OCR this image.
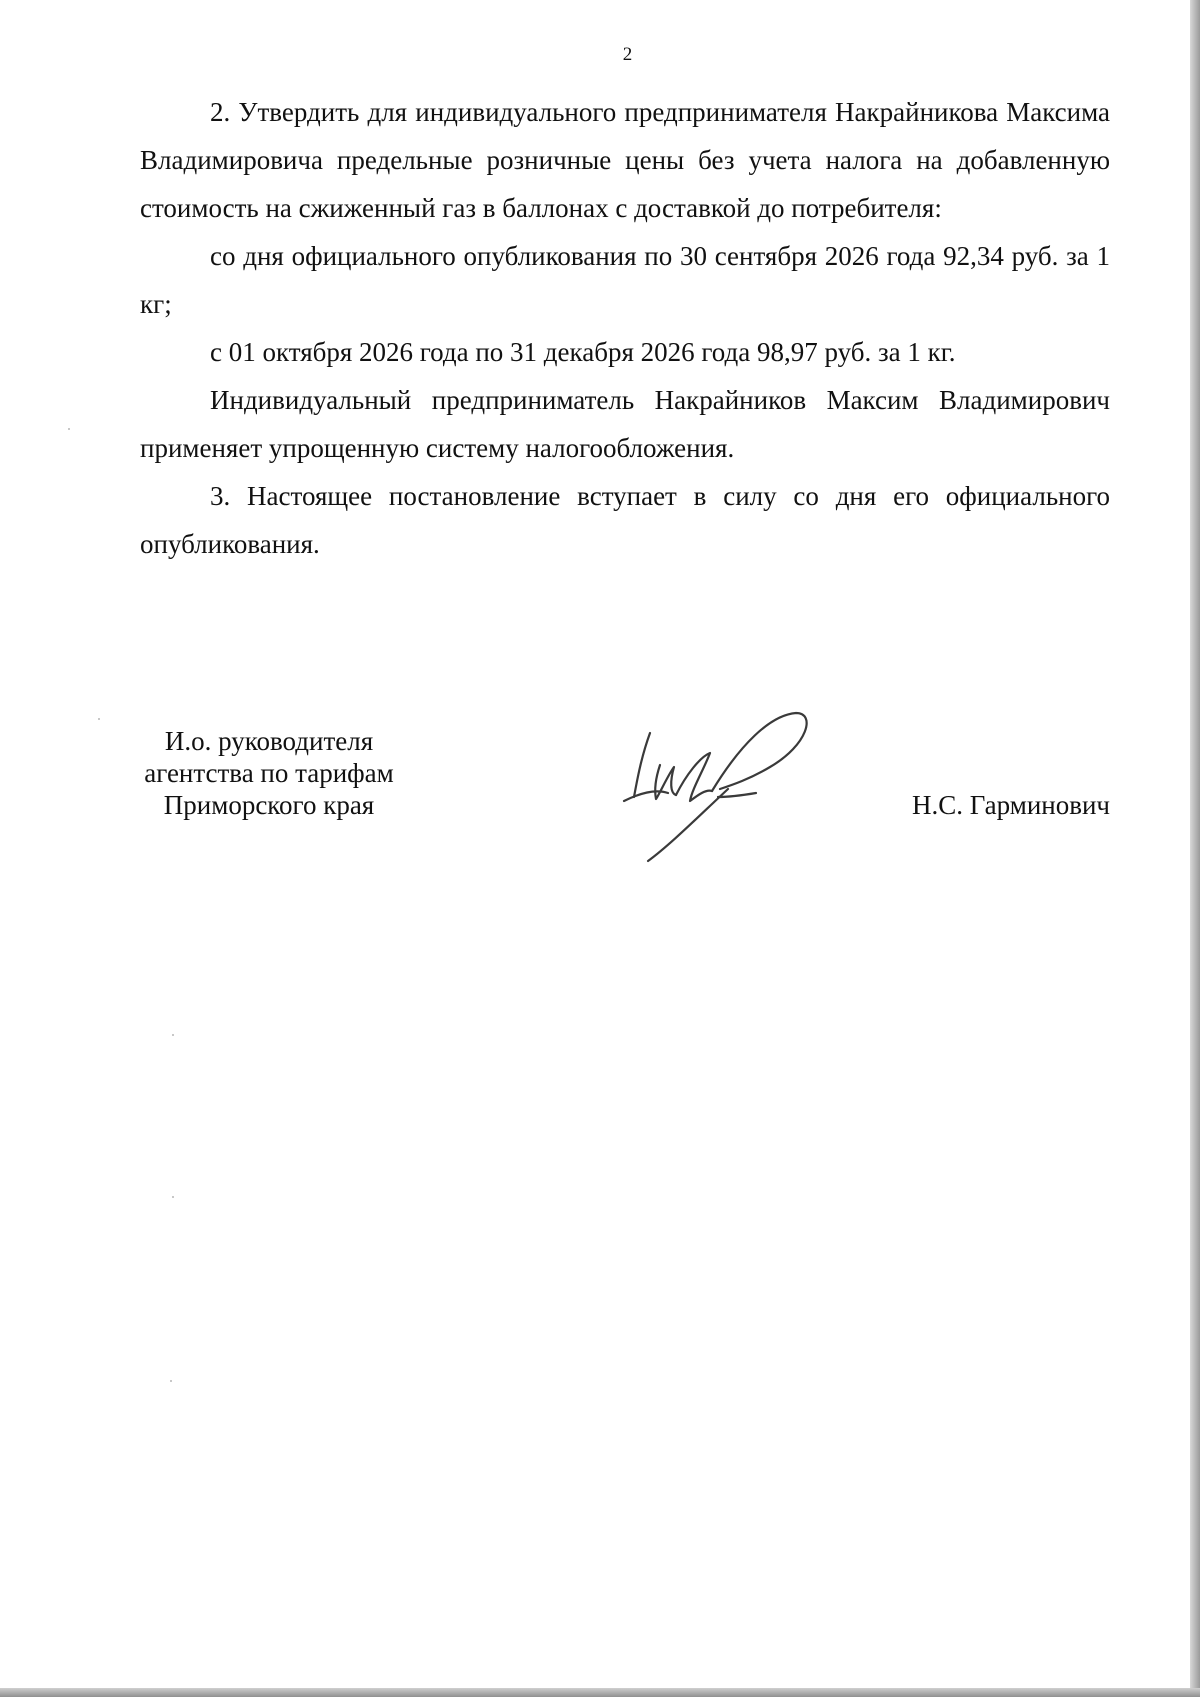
2

2. Утвердить для индивидуального предпринимателя Накрайникова Максима Владимировича предельные розничные цены без учета налога на добавленную стоимость на сжиженный газ в баллонах с доставкой до потребителя:

со дня официального опубликования по 30 сентября 2026 года 92,34 руб. за 1 кг;

с 01 октября 2026 года по 31 декабря 2026 года 98,97 руб. за 1 кг.

Индивидуальный предприниматель Накрайников Максим Владимирович применяет упрощенную систему налогообложения.

3. Настоящее постановление вступает в силу со дня его официального опубликования.

И.о. руководителя
агентства по тарифам
Приморского края	Н.С. Гарминович
